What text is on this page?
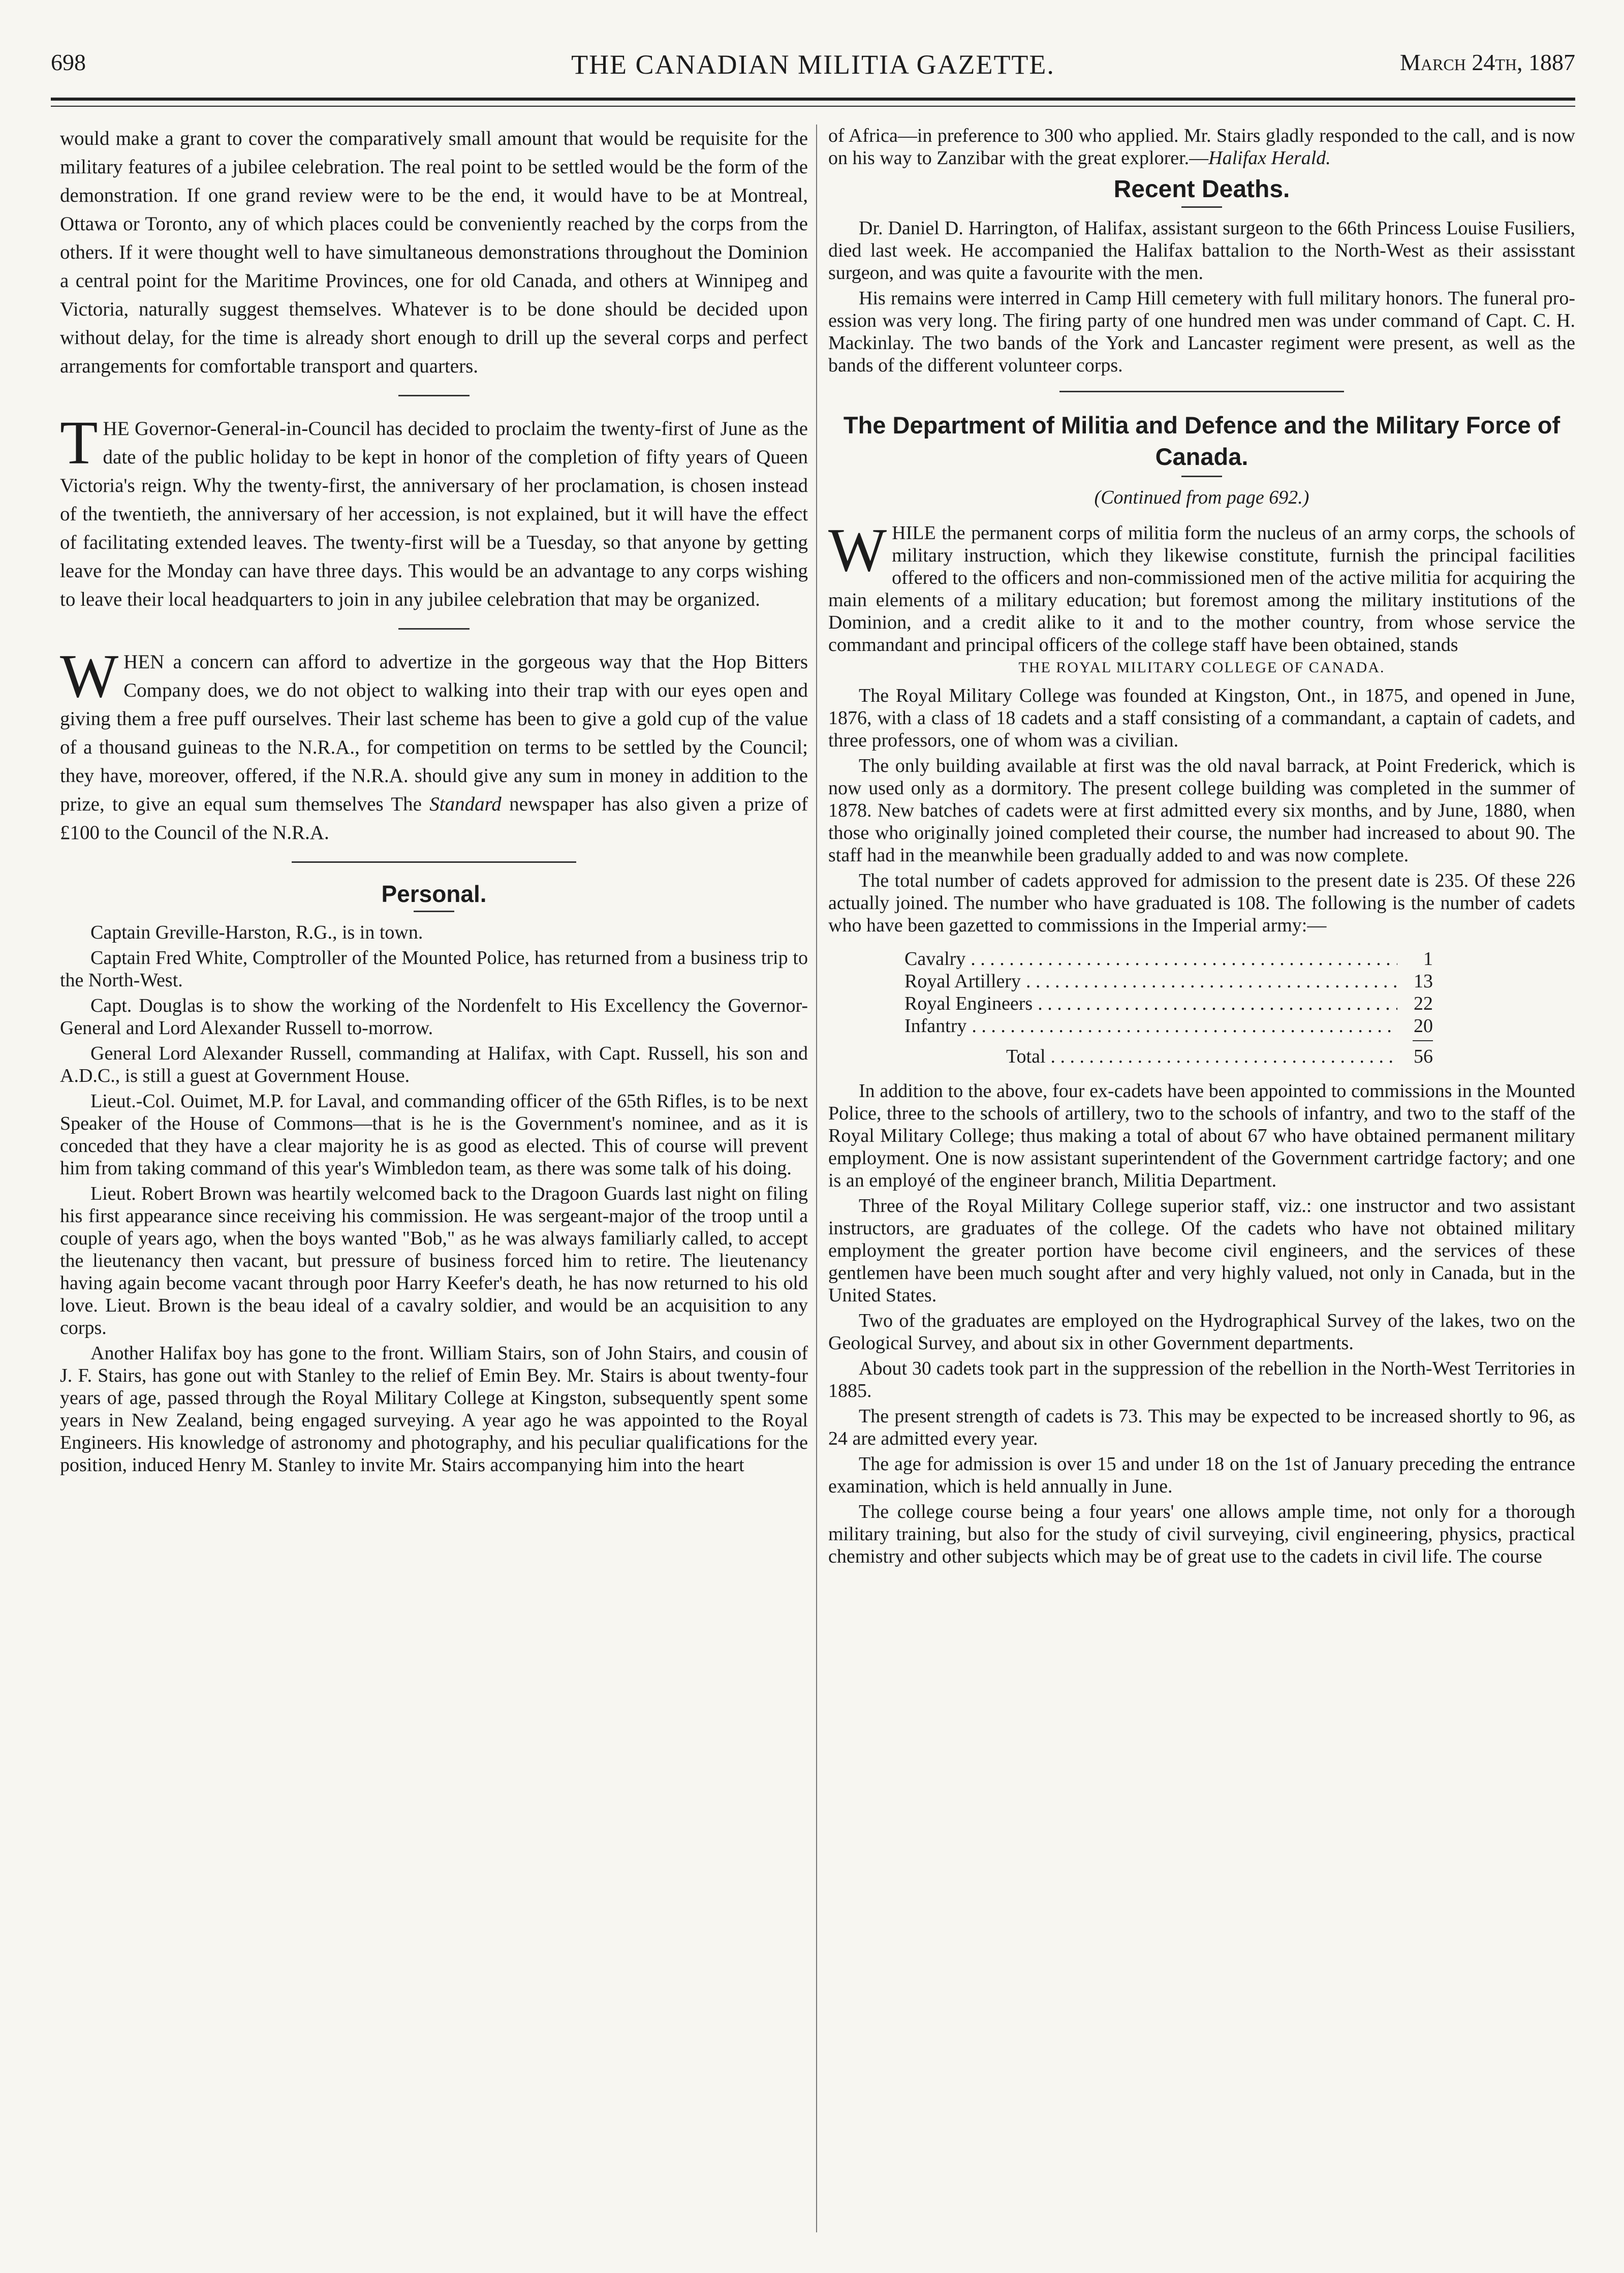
698	THE CANADIAN MILITIA GAZETTE.	March 24th, 1887

would make a grant to cover the comparatively small amount that would be requisite for the military features of a jubilee celebration. The real point to be settled would be the form of the demonstration. If one grand review were to be the end, it would have to be at Montreal, Ottawa or Toronto, any of which places could be conveniently reached by the corps from the others. If it were thought well to have simultaneous demonstrations throughout the Dominion a central point for the Maritime Provinces, one for old Canada, and others at Winnipeg and Victoria, naturally suggest themselves. Whatever is to be done should be decided upon without delay, for the time is already short enough to drill up the several corps and perfect arrangements for comfortable transport and quarters.

THE Governor-General-in-Council has decided to proclaim the twenty-first of June as the date of the public holiday to be kept in honor of the completion of fifty years of Queen Victoria's reign. Why the twenty-first, the anniversary of her proclamation, is chosen instead of the twentieth, the anniversary of her accession, is not explained, but it will have the effect of facilitating extended leaves. The twenty-first will be a Tuesday, so that anyone by getting leave for the Monday can have three days. This would be an advantage to any corps wishing to leave their local headquarters to join in any jubilee celebration that may be organized.

WHEN a concern can afford to advertize in the gorgeous way that the Hop Bitters Company does, we do not object to walking into their trap with our eyes open and giving them a free puff ourselves. Their last scheme has been to give a gold cup of the value of a thousand guineas to the N.R.A., for competition on terms to be settled by the Council; they have, moreover, offered, if the N.R.A. should give any sum in money in addition to the prize, to give an equal sum themselves The Standard newspaper has also given a prize of £100 to the Council of the N.R.A.

Personal.

Captain Greville-Harston, R.G., is in town.

Captain Fred White, Comptroller of the Mounted Police, has returned from a business trip to the North-West.

Capt. Douglas is to show the working of the Nordenfelt to His Excellency the Governor-General and Lord Alexander Russell to-morrow.

General Lord Alexander Russell, commanding at Halifax, with Capt. Russell, his son and A.D.C., is still a guest at Government House.

Lieut.-Col. Ouimet, M.P. for Laval, and commanding officer of the 65th Rifles, is to be next Speaker of the House of Commons—that is he is the Government's nominee, and as it is conceded that they have a clear majority he is as good as elected. This of course will prevent him from taking command of this year's Wimbledon team, as there was some talk of his doing.

Lieut. Robert Brown was heartily welcomed back to the Dragoon Guards last night on filing his first appearance since receiving his commission. He was sergeant-major of the troop until a couple of years ago, when the boys wanted "Bob," as he was always familiarly called, to accept the lieutenancy then vacant, but pressure of business forced him to retire. The lieutenancy having again become vacant through poor Harry Keefer's death, he has now returned to his old love. Lieut. Brown is the beau ideal of a cavalry soldier, and would be an acquisition to any corps.

Another Halifax boy has gone to the front. William Stairs, son of John Stairs, and cousin of J. F. Stairs, has gone out with Stanley to the relief of Emin Bey. Mr. Stairs is about twenty-four years of age, passed through the Royal Military College at Kingston, subsequently spent some years in New Zealand, being engaged surveying. A year ago he was appointed to the Royal Engineers. His knowledge of astronomy and photography, and his peculiar qualifications for the position, induced Henry M. Stanley to invite Mr. Stairs accompanying him into the heart

of Africa—in preference to 300 who applied. Mr. Stairs gladly responded to the call, and is now on his way to Zanzibar with the great explorer.—Halifax Herald.

Recent Deaths.

Dr. Daniel D. Harrington, of Halifax, assistant surgeon to the 66th Princess Louise Fusiliers, died last week. He accompanied the Halifax battalion to the North-West as their assisstant surgeon, and was quite a favourite with the men.

His remains were interred in Camp Hill cemetery with full military honors. The funeral pro-ession was very long. The firing party of one hundred men was under command of Capt. C. H. Mackinlay. The two bands of the York and Lancaster regiment were present, as well as the bands of the different volunteer corps.

The Department of Militia and Defence and the Military Force of Canada.
(Continued from page 692.)

WHILE the permanent corps of militia form the nucleus of an army corps, the schools of military instruction, which they likewise constitute, furnish the principal facilities offered to the officers and non-commissioned men of the active militia for acquiring the main elements of a military education; but foremost among the military institutions of the Dominion, and a credit alike to it and to the mother country, from whose service the commandant and principal officers of the college staff have been obtained, stands

THE ROYAL MILITARY COLLEGE OF CANADA.

The Royal Military College was founded at Kingston, Ont., in 1875, and opened in June, 1876, with a class of 18 cadets and a staff consisting of a commandant, a captain of cadets, and three professors, one of whom was a civilian.

The only building available at first was the old naval barrack, at Point Frederick, which is now used only as a dormitory. The present college building was completed in the summer of 1878. New batches of cadets were at first admitted every six months, and by June, 1880, when those who originally joined completed their course, the number had increased to about 90. The staff had in the meanwhile been gradually added to and was now complete.

The total number of cadets approved for admission to the present date is 235. Of these 226 actually joined. The number who have graduated is 108. The following is the number of cadets who have been gazetted to commissions in the Imperial army:—

Cavalry . . .	1
Royal Artillery . . .	13
Royal Engineers . . .	22
Infantry . . .	20
Total . . .	56

In addition to the above, four ex-cadets have been appointed to commissions in the Mounted Police, three to the schools of artillery, two to the schools of infantry, and two to the staff of the Royal Military College; thus making a total of about 67 who have obtained permanent military employment. One is now assistant superintendent of the Government cartridge factory; and one is an employé of the engineer branch, Militia Department.

Three of the Royal Military College superior staff, viz.: one instructor and two assistant instructors, are graduates of the college. Of the cadets who have not obtained military employment the greater portion have become civil engineers, and the services of these gentlemen have been much sought after and very highly valued, not only in Canada, but in the United States.

Two of the graduates are employed on the Hydrographical Survey of the lakes, two on the Geological Survey, and about six in other Government departments.

About 30 cadets took part in the suppression of the rebellion in the North-West Territories in 1885.

The present strength of cadets is 73. This may be expected to be increased shortly to 96, as 24 are admitted every year.

The age for admission is over 15 and under 18 on the 1st of January preceding the entrance examination, which is held annually in June.

The college course being a four years' one allows ample time, not only for a thorough military training, but also for the study of civil surveying, civil engineering, physics, practical chemistry and other subjects which may be of great use to the cadets in civil life. The course
